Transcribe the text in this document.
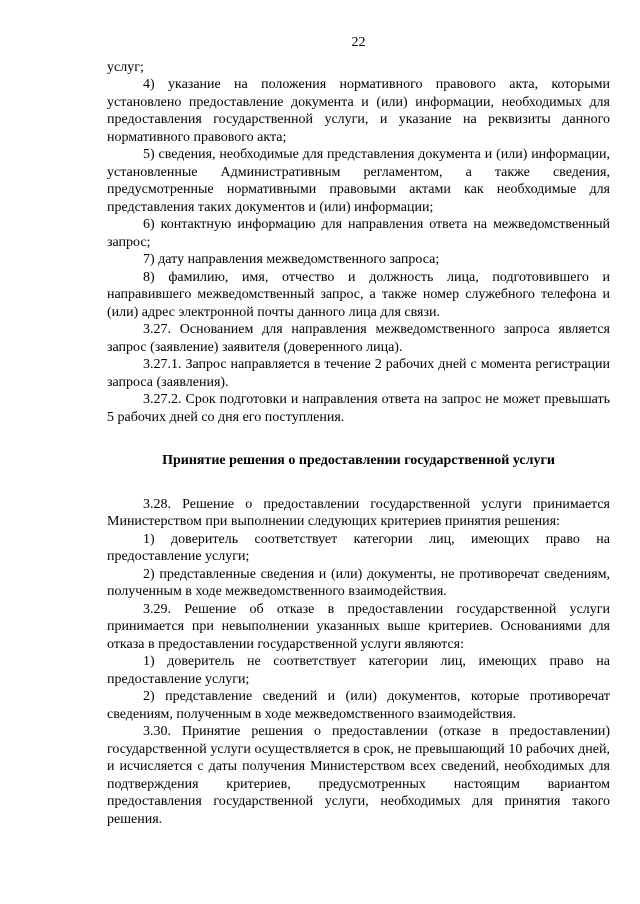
22

услуг;

4) указание на положения нормативного правового акта, которыми установлено предоставление документа и (или) информации, необходимых для предоставления государственной услуги, и указание на реквизиты данного нормативного правового акта;

5) сведения, необходимые для представления документа и (или) информации, установленные Административным регламентом, а также сведения, предусмотренные нормативными правовыми актами как необходимые для представления таких документов и (или) информации;

6) контактную информацию для направления ответа на межведомственный запрос;

7) дату направления межведомственного запроса;

8) фамилию, имя, отчество и должность лица, подготовившего и направившего межведомственный запрос, а также номер служебного телефона и (или) адрес электронной почты данного лица для связи.

3.27. Основанием для направления межведомственного запроса является запрос (заявление) заявителя (доверенного лица).

3.27.1. Запрос направляется в течение 2 рабочих дней с момента регистрации запроса (заявления).

3.27.2. Срок подготовки и направления ответа на запрос не может превышать 5 рабочих дней со дня его поступления.

Принятие решения о предоставлении государственной услуги

3.28. Решение о предоставлении государственной услуги принимается Министерством при выполнении следующих критериев принятия решения:

1) доверитель соответствует категории лиц, имеющих право на предоставление услуги;

2) представленные сведения и (или) документы, не противоречат сведениям, полученным в ходе межведомственного взаимодействия.

3.29. Решение об отказе в предоставлении государственной услуги принимается при невыполнении указанных выше критериев. Основаниями для отказа в предоставлении государственной услуги являются:

1) доверитель не соответствует категории лиц, имеющих право на предоставление услуги;

2) представление сведений и (или) документов, которые противоречат сведениям, полученным в ходе межведомственного взаимодействия.

3.30. Принятие решения о предоставлении (отказе в предоставлении) государственной услуги осуществляется в срок, не превышающий 10 рабочих дней, и исчисляется с даты получения Министерством всех сведений, необходимых для подтверждения критериев, предусмотренных настоящим вариантом предоставления государственной услуги, необходимых для принятия такого решения.
